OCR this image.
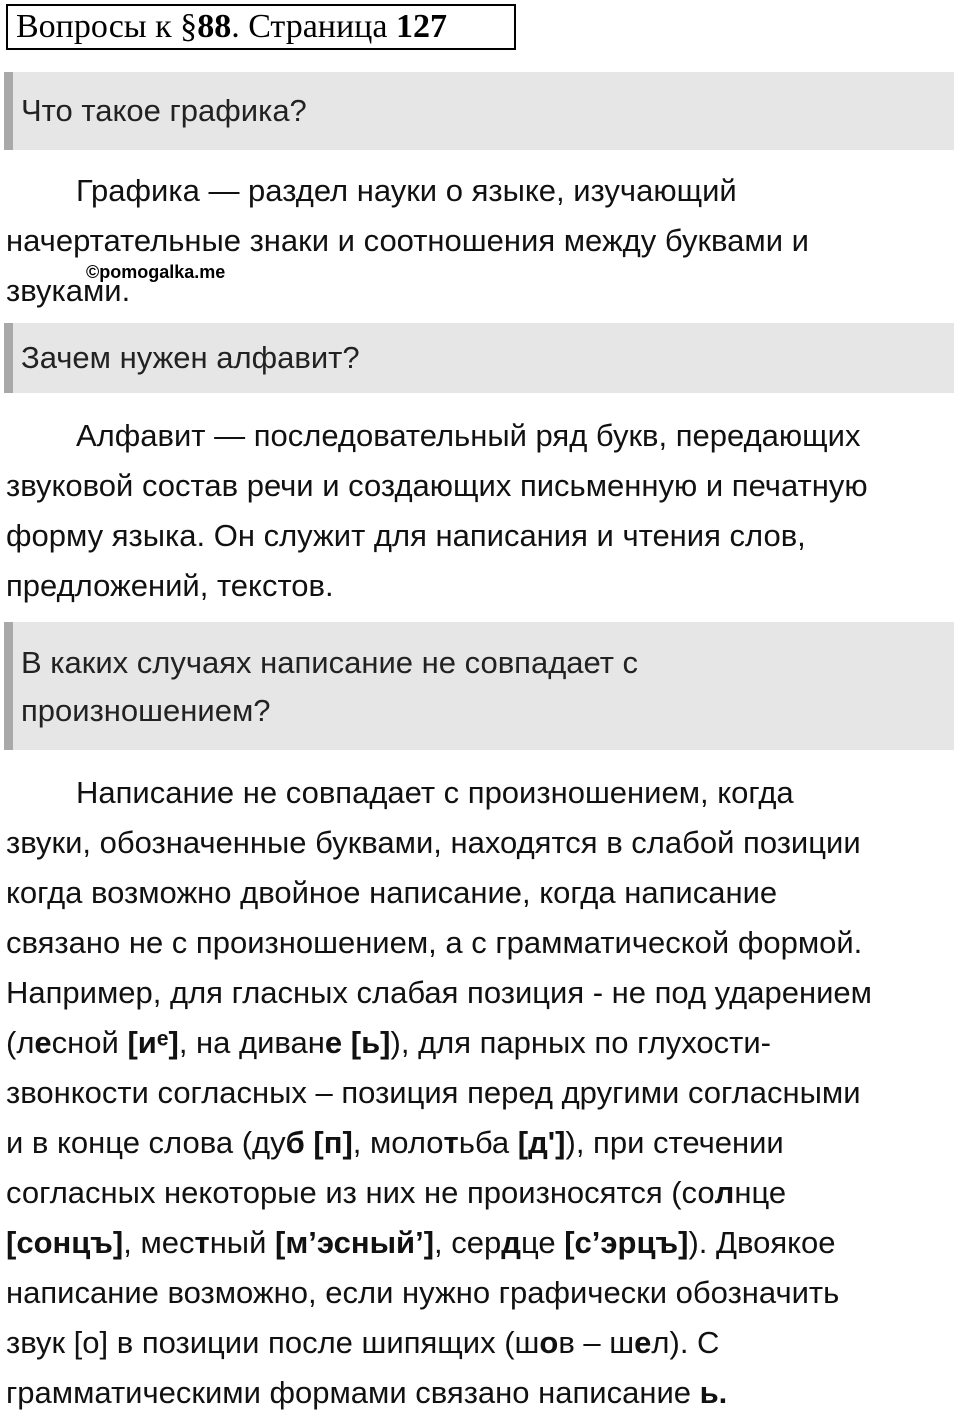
Вопросы к §88. Страница 127
Что такое графика?
Графика — раздел науки о языке, изучающий
начертательные знаки и соотношения между буквами и
звуками.
©pomogalka.me
Зачем нужен алфавит?
Алфавит — последовательный ряд букв, передающих
звуковой состав речи и создающих письменную и печатную
форму языка. Он служит для написания и чтения слов,
предложений, текстов.
В каких случаях написание не совпадает с
произношением?
Написание не совпадает с произношением, когда
звуки, обозначенные буквами, находятся в слабой позиции
когда возможно двойное написание, когда написание
связано не с произношением, а с грамматической формой.
Например, для гласных слабая позиция - не под ударением
(лесной [иᵉ], на диване [ь]), для парных по глухости-
звонкости согласных – позиция перед другими согласными
и в конце слова (дуб [п], молотьба [д']), при стечении
согласных некоторые из них не произносятся (солнце
[сонцъ], местный [м’эсный’], сердце [с’эрцъ]). Двоякое
написание возможно, если нужно графически обозначить
звук [о] в позиции после шипящих (шов – шел). С
грамматическими формами связано написание ь.
